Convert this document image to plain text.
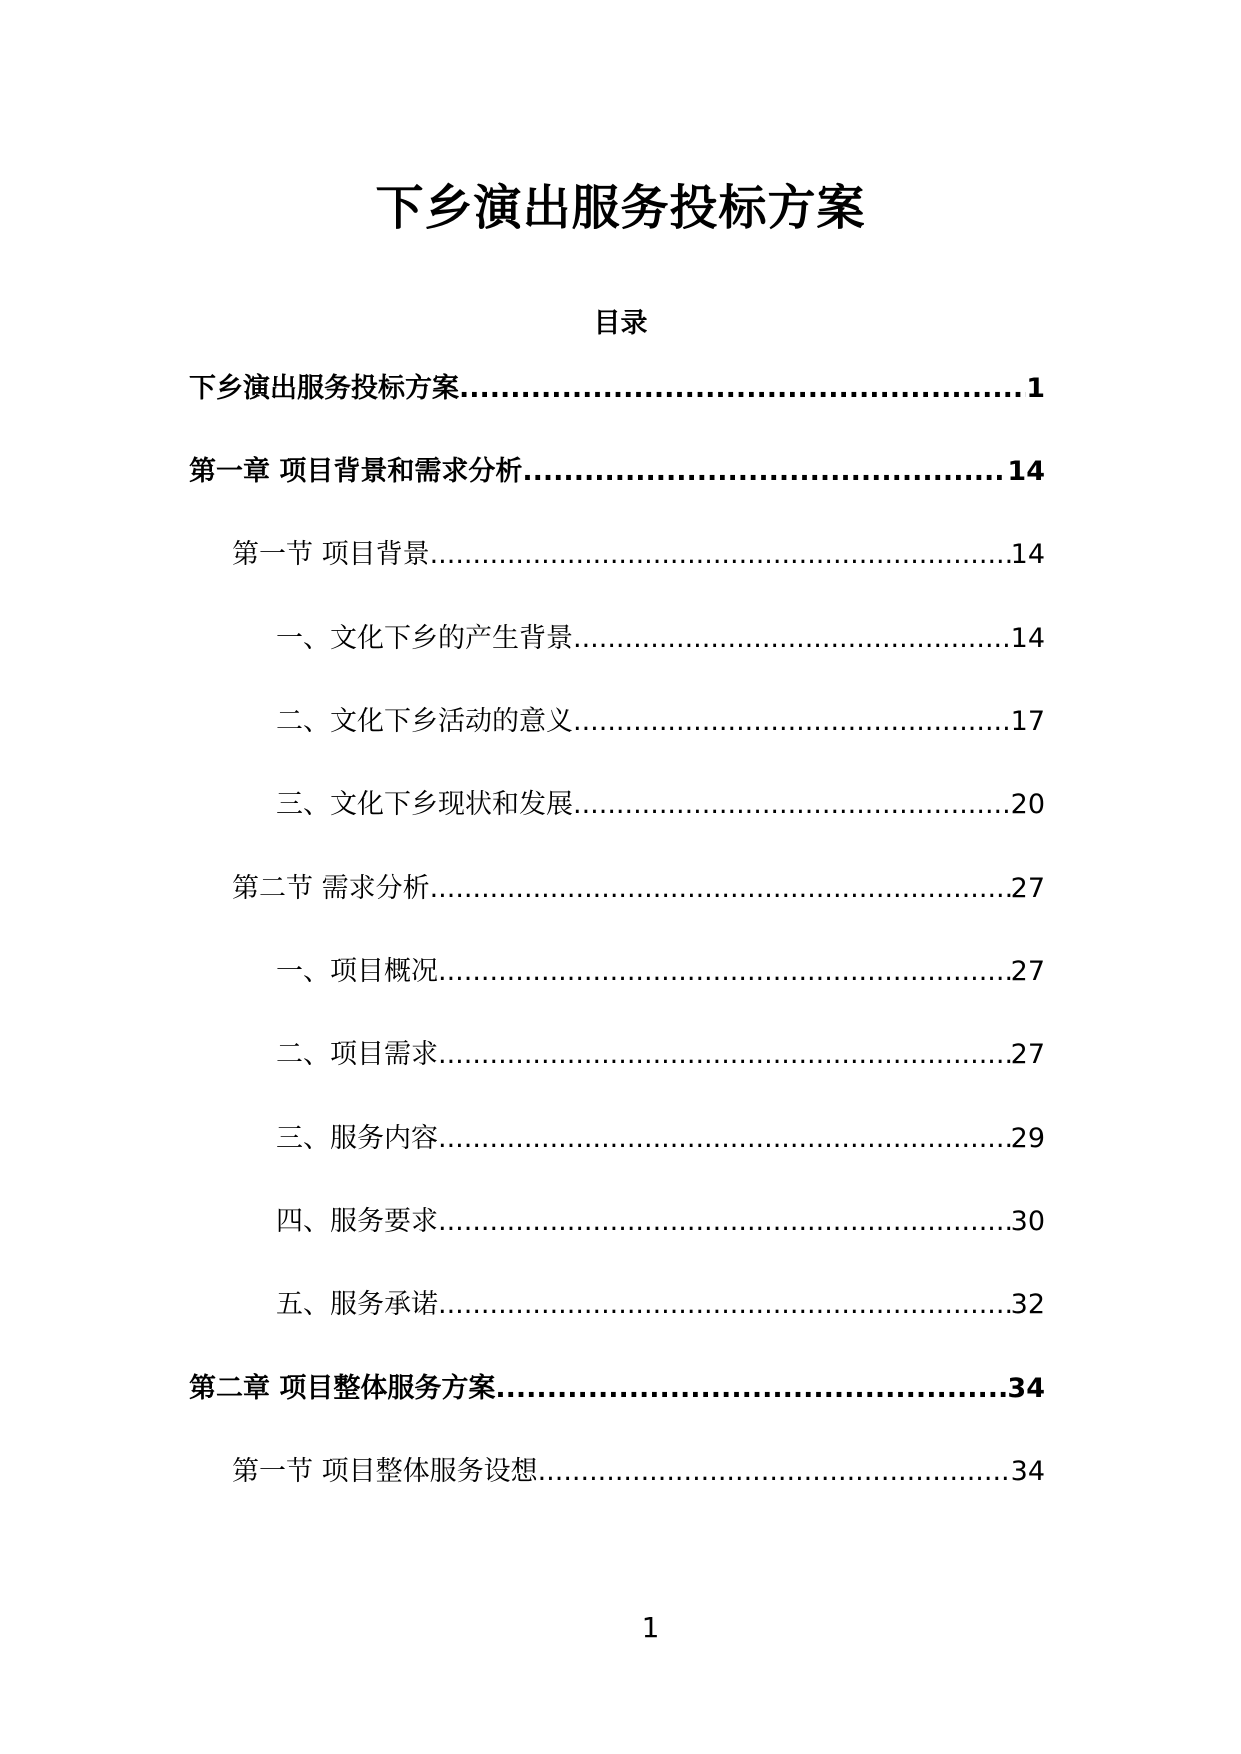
下乡演出服务投标方案
目录
下乡演出服务投标方案 .....	1
第一章 项目背景和需求分析 .....	14
第一节 项目背景 .....	14
一、文化下乡的产生背景 .....	14
二、文化下乡活动的意义 .....	17
三、文化下乡现状和发展 .....	20
第二节 需求分析 .....	27
一、项目概况 .....	27
二、项目需求 .....	27
三、服务内容 .....	29
四、服务要求 .....	30
五、服务承诺 .....	32
第二章 项目整体服务方案 .....	34
第一节 项目整体服务设想 .....	34
1
